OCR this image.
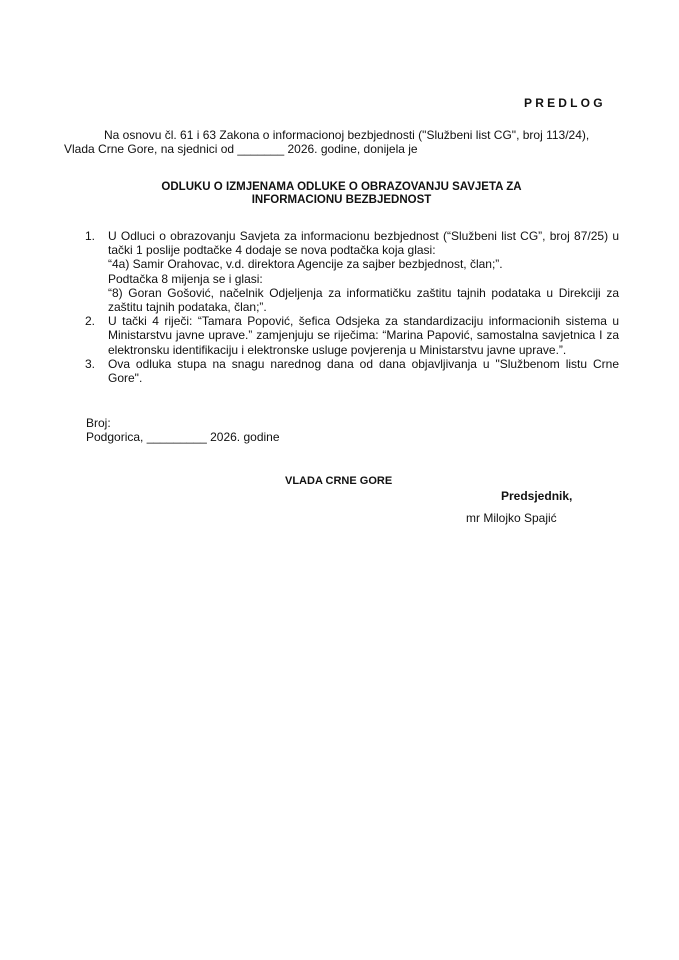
PREDLOG
Na osnovu čl. 61 i 63 Zakona o informacionoj bezbjednosti ("Službeni list CG", broj 113/24),
Vlada Crne Gore, na sjednici od _______ 2026. godine, donijela je
ODLUKU O IZMJENAMA ODLUKE O OBRAZOVANJU SAVJETA ZA
INFORMACIONU BEZBJEDNOST
1. U Odluci o obrazovanju Savjeta za informacionu bezbjednost (“Službeni list CG”, broj 87/25) u tački 1 poslije podtačke 4 dodaje se nova podtačka koja glasi:

“4a) Samir Orahovac, v.d. direktora Agencije za sajber bezbjednost, član;”.

Podtačka 8 mijenja se i glasi:

“8) Goran Gošović, načelnik Odjeljenja za informatičku zaštitu tajnih podataka u Direkciji za zaštitu tajnih podataka, član;”.

2. U tački 4 riječi: “Tamara Popović, šefica Odsjeka za standardizaciju informacionih sistema u Ministarstvu javne uprave.” zamjenjuju se riječima: “Marina Papović, samostalna savjetnica I za elektronsku identifikaciju i elektronske usluge povjerenja u Ministarstvu javne uprave.”.

3. Ova odluka stupa na snagu narednog dana od dana objavljivanja u "Službenom listu Crne Gore".

Broj:
Podgorica, _________ 2026. godine
VLADA CRNE GORE
Predsjednik,
mr Milojko Spajić
